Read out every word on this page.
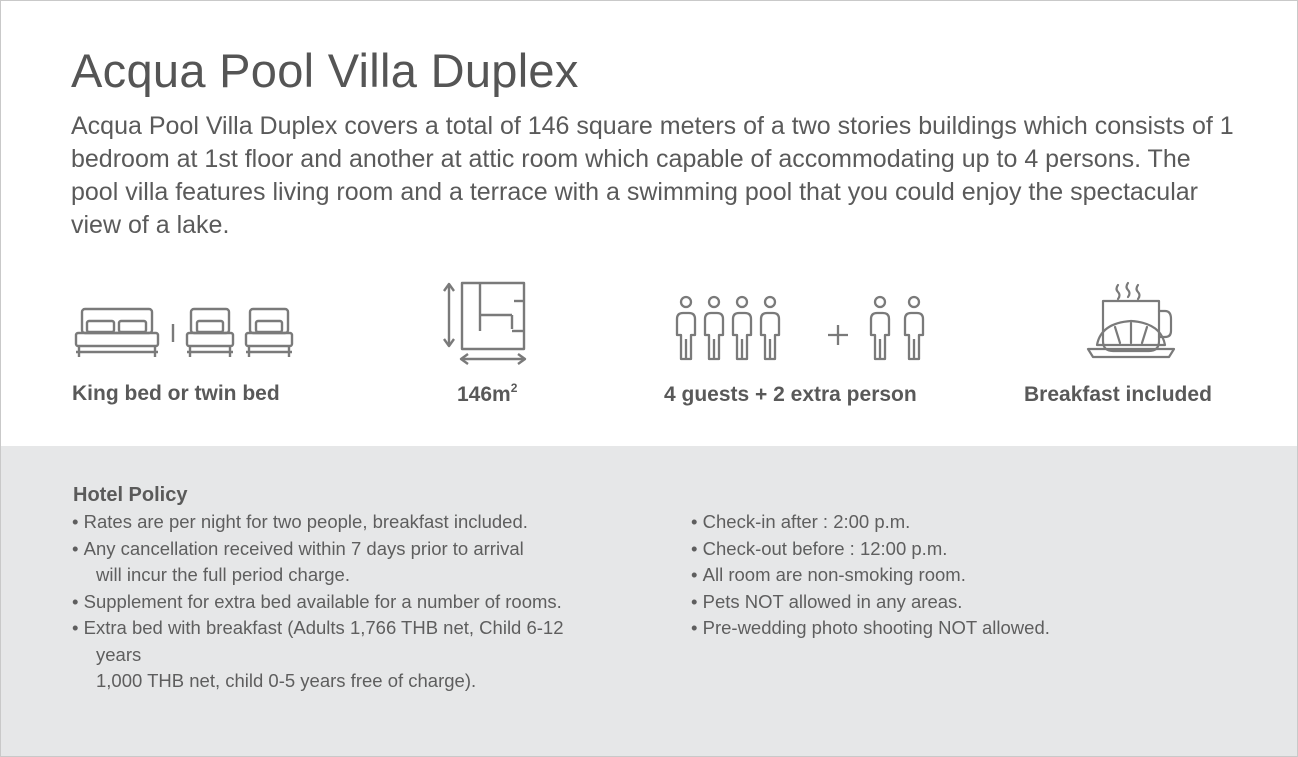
Acqua Pool Villa Duplex

Acqua Pool Villa Duplex covers a total of 146 square meters of a two stories buildings which consists of 1 bedroom at 1st floor and another at attic room which capable of accommodating up to 4 persons. The pool villa features living room and a terrace with a swimming pool that you could enjoy the spectacular view of a lake.

King bed or twin bed	$146m^2$	4 guests + 2 extra person	Breakfast included
Hotel Policy
• Rates are per night for two people, breakfast included.
• Any cancellation received within 7 days prior to arrival
will incur the full period charge.
• Supplement for extra bed available for a number of rooms.
• Extra bed with breakfast (Adults 1,766 THB net, Child 6-12
years
1,000 THB net, child 0-5 years free of charge).
• Check-in after : 2:00 p.m.
• Check-out before : 12:00 p.m.
• All room are non-smoking room.
• Pets NOT allowed in any areas.
• Pre-wedding photo shooting NOT allowed.
